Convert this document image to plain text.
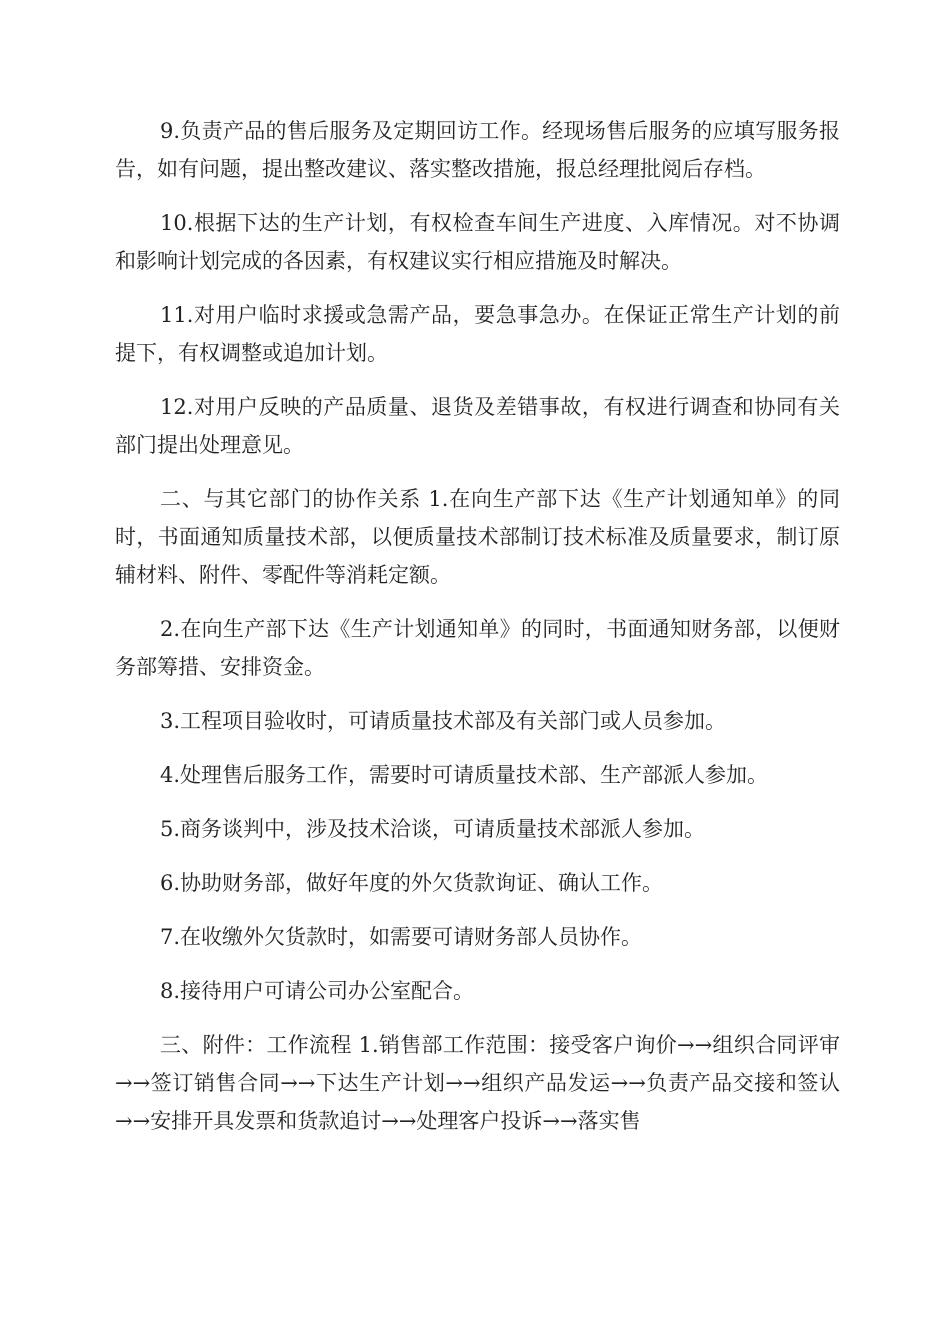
9.负责产品的售后服务及定期回访工作。经现场售后服务的应填写服务报告，如有问题，提出整改建议、落实整改措施，报总经理批阅后存档。

10.根据下达的生产计划，有权检查车间生产进度、入库情况。对不协调和影响计划完成的各因素，有权建议实行相应措施及时解决。

11.对用户临时求援或急需产品，要急事急办。在保证正常生产计划的前提下，有权调整或追加计划。

12.对用户反映的产品质量、退货及差错事故，有权进行调查和协同有关部门提出处理意见。

二、与其它部门的协作关系 1.在向生产部下达《生产计划通知单》的同时，书面通知质量技术部，以便质量技术部制订技术标准及质量要求，制订原辅材料、附件、零配件等消耗定额。

2.在向生产部下达《生产计划通知单》的同时，书面通知财务部，以便财务部筹措、安排资金。

3.工程项目验收时，可请质量技术部及有关部门或人员参加。

4.处理售后服务工作，需要时可请质量技术部、生产部派人参加。

5.商务谈判中，涉及技术洽谈，可请质量技术部派人参加。

6.协助财务部，做好年度的外欠货款询证、确认工作。

7.在收缴外欠货款时，如需要可请财务部人员协作。

8.接待用户可请公司办公室配合。

三、附件：工作流程 1.销售部工作范围：接受客户询价→→组织合同评审→→签订销售合同→→下达生产计划→→组织产品发运→→负责产品交接和签认→→安排开具发票和货款追讨→→处理客户投诉→→落实售
